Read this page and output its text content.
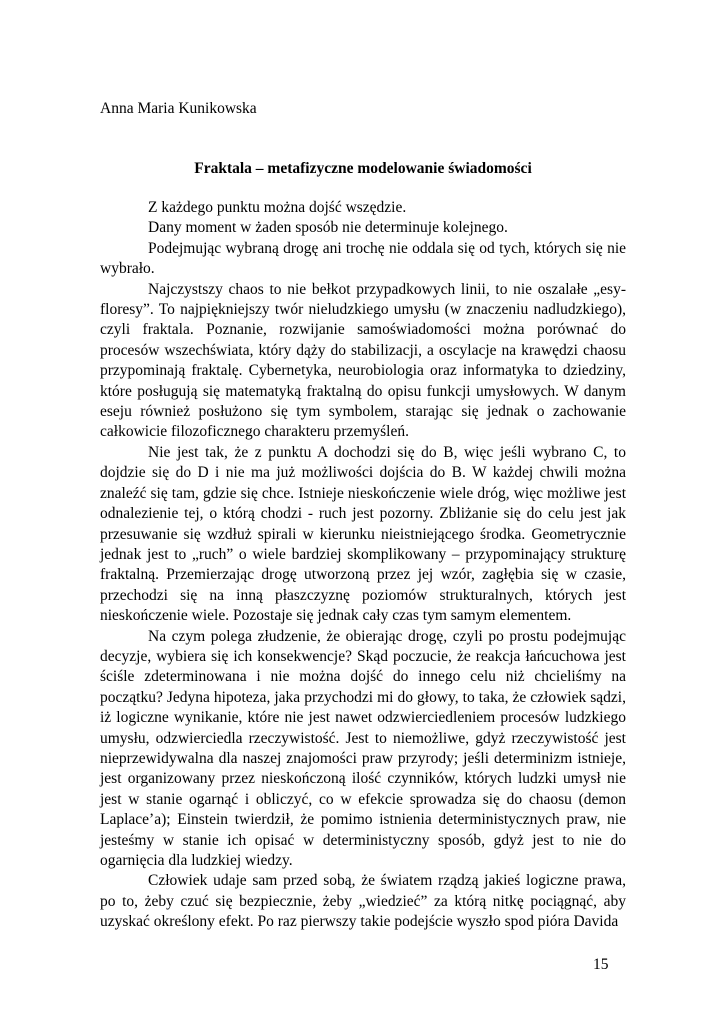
Anna Maria Kunikowska
Fraktala – metafizyczne modelowanie świadomości

Z każdego punktu można dojść wszędzie.

Dany moment w żaden sposób nie determinuje kolejnego.

Podejmując wybraną drogę ani trochę nie oddala się od tych, których się nie wybrało.

Najczystszy chaos to nie bełkot przypadkowych linii, to nie oszalałe „esy-floresy”. To najpiękniejszy twór nieludzkiego umysłu (w znaczeniu nadludzkiego), czyli fraktala. Poznanie, rozwijanie samoświadomości można porównać do procesów wszechświata, który dąży do stabilizacji, a oscylacje na krawędzi chaosu przypominają fraktalę. Cybernetyka, neurobiologia oraz informatyka to dziedziny, które posługują się matematyką fraktalną do opisu funkcji umysłowych. W danym eseju również posłużono się tym symbolem, starając się jednak o zachowanie całkowicie filozoficznego charakteru przemyśleń.

Nie jest tak, że z punktu A dochodzi się do B, więc jeśli wybrano C, to dojdzie się do D i nie ma już możliwości dojścia do B. W każdej chwili można znaleźć się tam, gdzie się chce. Istnieje nieskończenie wiele dróg, więc możliwe jest odnalezienie tej, o którą chodzi - ruch jest pozorny. Zbliżanie się do celu jest jak przesuwanie się wzdłuż spirali w kierunku nieistniejącego środka. Geometrycznie jednak jest to „ruch” o wiele bardziej skomplikowany – przypominający strukturę fraktalną. Przemierzając drogę utworzoną przez jej wzór, zagłębia się w czasie, przechodzi się na inną płaszczyznę poziomów strukturalnych, których jest nieskończenie wiele. Pozostaje się jednak cały czas tym samym elementem.

Na czym polega złudzenie, że obierając drogę, czyli po prostu podejmując decyzje, wybiera się ich konsekwencje? Skąd poczucie, że reakcja łańcuchowa jest ściśle zdeterminowana i nie można dojść do innego celu niż chcieliśmy na początku? Jedyna hipoteza, jaka przychodzi mi do głowy, to taka, że człowiek sądzi, iż logiczne wynikanie, które nie jest nawet odzwierciedleniem procesów ludzkiego umysłu, odzwierciedla rzeczywistość. Jest to niemożliwe, gdyż rzeczywistość jest nieprzewidywalna dla naszej znajomości praw przyrody; jeśli determinizm istnieje, jest organizowany przez nieskończoną ilość czynników, których ludzki umysł nie jest w stanie ogarnąć i obliczyć, co w efekcie sprowadza się do chaosu (demon Laplace’a); Einstein twierdził, że pomimo istnienia deterministycznych praw, nie jesteśmy w stanie ich opisać w deterministyczny sposób, gdyż jest to nie do ogarnięcia dla ludzkiej wiedzy.

Człowiek udaje sam przed sobą, że światem rządzą jakieś logiczne prawa, po to, żeby czuć się bezpiecznie, żeby „wiedzieć” za którą nitkę pociągnąć, aby uzyskać określony efekt. Po raz pierwszy takie podejście wyszło spod pióra Davida

15
